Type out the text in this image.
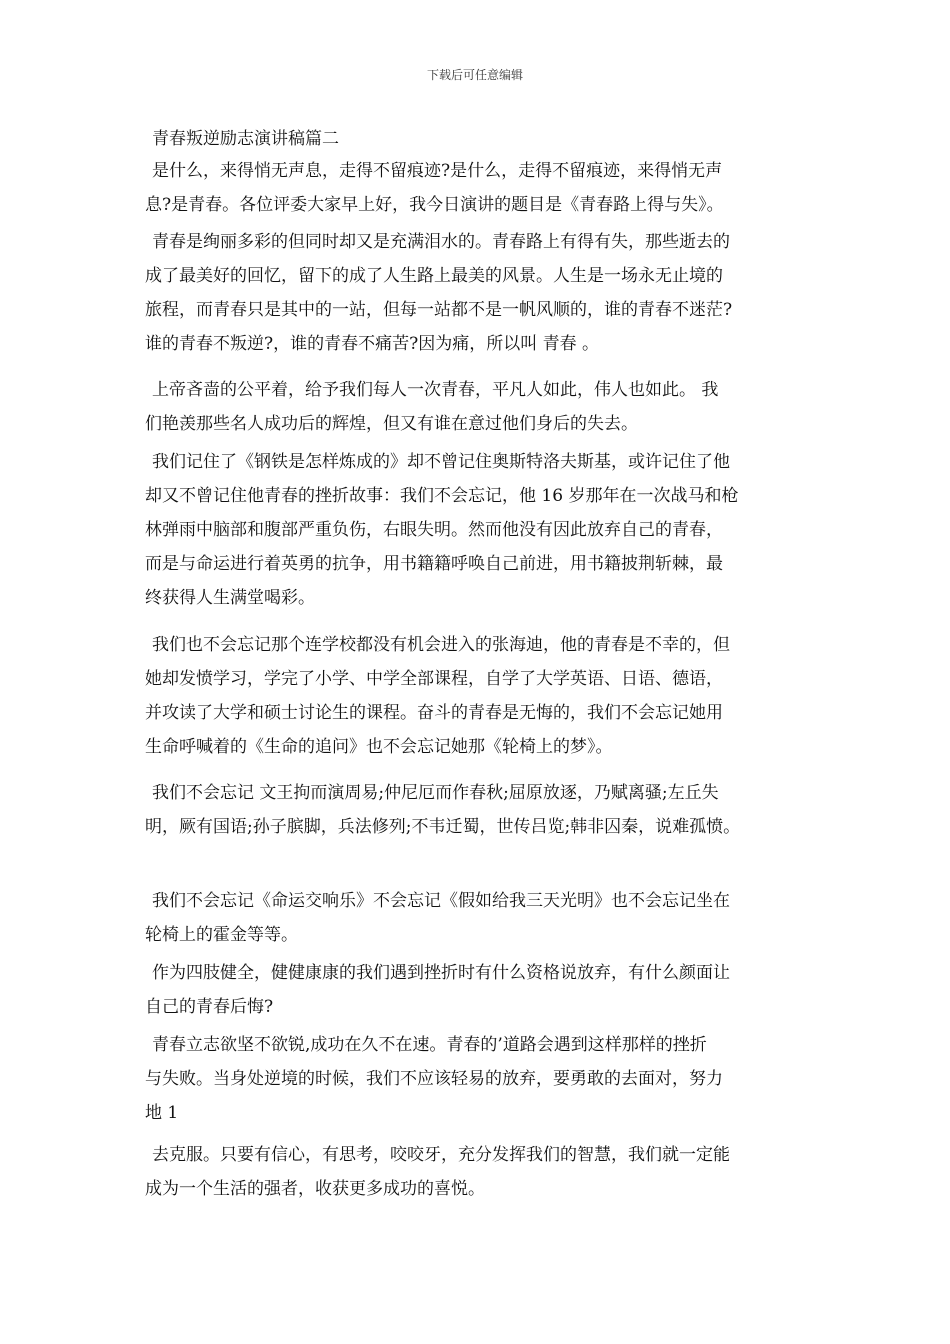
下载后可任意编辑
青春叛逆励志演讲稿篇二
是什么，来得悄无声息，走得不留痕迹?是什么，走得不留痕迹，来得悄无声
息?是青春。各位评委大家早上好，我今日演讲的题目是《青春路上得与失》。
青春是绚丽多彩的但同时却又是充满泪水的。青春路上有得有失，那些逝去的
成了最美好的回忆，留下的成了人生路上最美的风景。人生是一场永无止境的
旅程，而青春只是其中的一站，但每一站都不是一帆风顺的，谁的青春不迷茫?
谁的青春不叛逆?，谁的青春不痛苦?因为痛，所以叫 青春 。
上帝吝啬的公平着，给予我们每人一次青春，平凡人如此，伟人也如此。 我
们艳羡那些名人成功后的辉煌，但又有谁在意过他们身后的失去。
我们记住了《钢铁是怎样炼成的》却不曾记住奥斯特洛夫斯基，或许记住了他
却又不曾记住他青春的挫折故事：我们不会忘记，他 16 岁那年在一次战马和枪
林弹雨中脑部和腹部严重负伤，右眼失明。然而他没有因此放弃自己的青春，
而是与命运进行着英勇的抗争，用书籍籍呼唤自己前进，用书籍披荆斩棘，最
终获得人生满堂喝彩。
我们也不会忘记那个连学校都没有机会进入的张海迪，他的青春是不幸的，但
她却发愤学习，学完了小学、中学全部课程，自学了大学英语、日语、德语，
并攻读了大学和硕士讨论生的课程。奋斗的青春是无悔的，我们不会忘记她用
生命呼喊着的《生命的追问》也不会忘记她那《轮椅上的梦》。
我们不会忘记 文王拘而演周易;仲尼厄而作春秋;屈原放逐，乃赋离骚;左丘失
明，厥有国语;孙子膑脚，兵法修列;不韦迁蜀，世传吕览;韩非囚秦，说难孤愤。
我们不会忘记《命运交响乐》不会忘记《假如给我三天光明》也不会忘记坐在
轮椅上的霍金等等。
作为四肢健全，健健康康的我们遇到挫折时有什么资格说放弃，有什么颜面让
自己的青春后悔?
青春立志欲坚不欲锐,成功在久不在速。青春的’道路会遇到这样那样的挫折
与失败。当身处逆境的时候，我们不应该轻易的放弃，要勇敢的去面对，努力
地 1
去克服。只要有信心，有思考，咬咬牙，充分发挥我们的智慧，我们就一定能
成为一个生活的强者，收获更多成功的喜悦。
